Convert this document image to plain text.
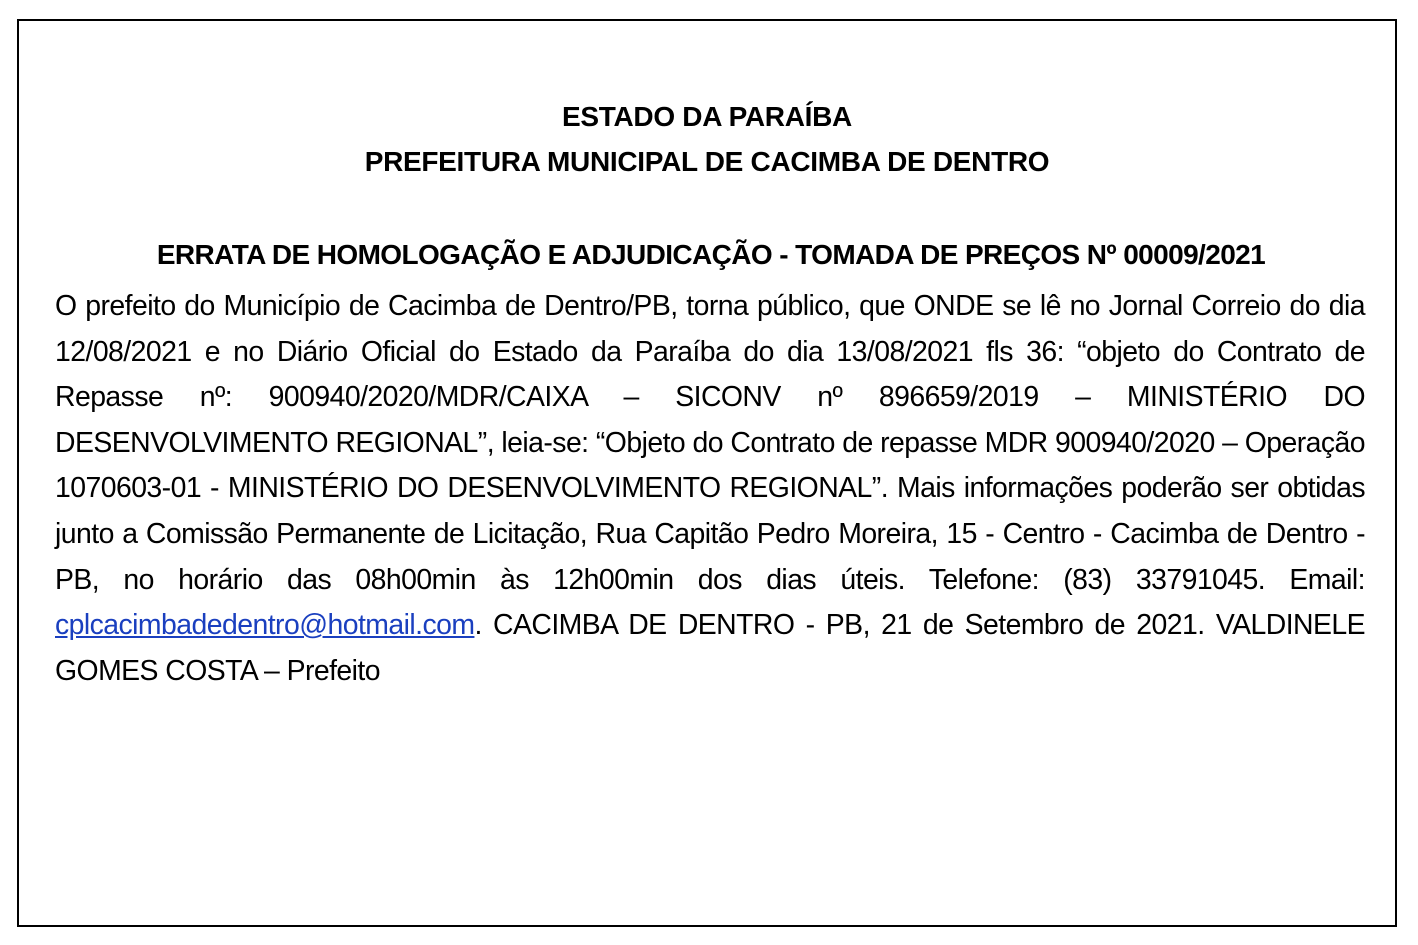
ESTADO DA PARAÍBA

PREFEITURA MUNICIPAL DE CACIMBA DE DENTRO

ERRATA DE HOMOLOGAÇÃO E ADJUDICAÇÃO - TOMADA DE PREÇOS Nº 00009/2021

O prefeito do Município de Cacimba de Dentro/PB, torna público, que ONDE se lê no Jornal Correio do dia 12/08/2021 e no Diário Oficial do Estado da Paraíba do dia 13/08/2021 fls 36: “objeto do Contrato de Repasse nº: 900940/2020/MDR/CAIXA – SICONV nº 896659/2019 – MINISTÉRIO DO DESENVOLVIMENTO REGIONAL”, leia-se: “Objeto do Contrato de repasse MDR 900940/2020 – Operação 1070603-01 - MINISTÉRIO DO DESENVOLVIMENTO REGIONAL”. Mais informações poderão ser obtidas junto a Comissão Permanente de Licitação, Rua Capitão Pedro Moreira, 15 - Centro - Cacimba de Dentro - PB, no horário das 08h00min às 12h00min dos dias úteis. Telefone: (83) 33791045. Email: cplcacimbadedentro@hotmail.com. CACIMBA DE DENTRO - PB, 21 de Setembro de 2021. VALDINELE GOMES COSTA – Prefeito
